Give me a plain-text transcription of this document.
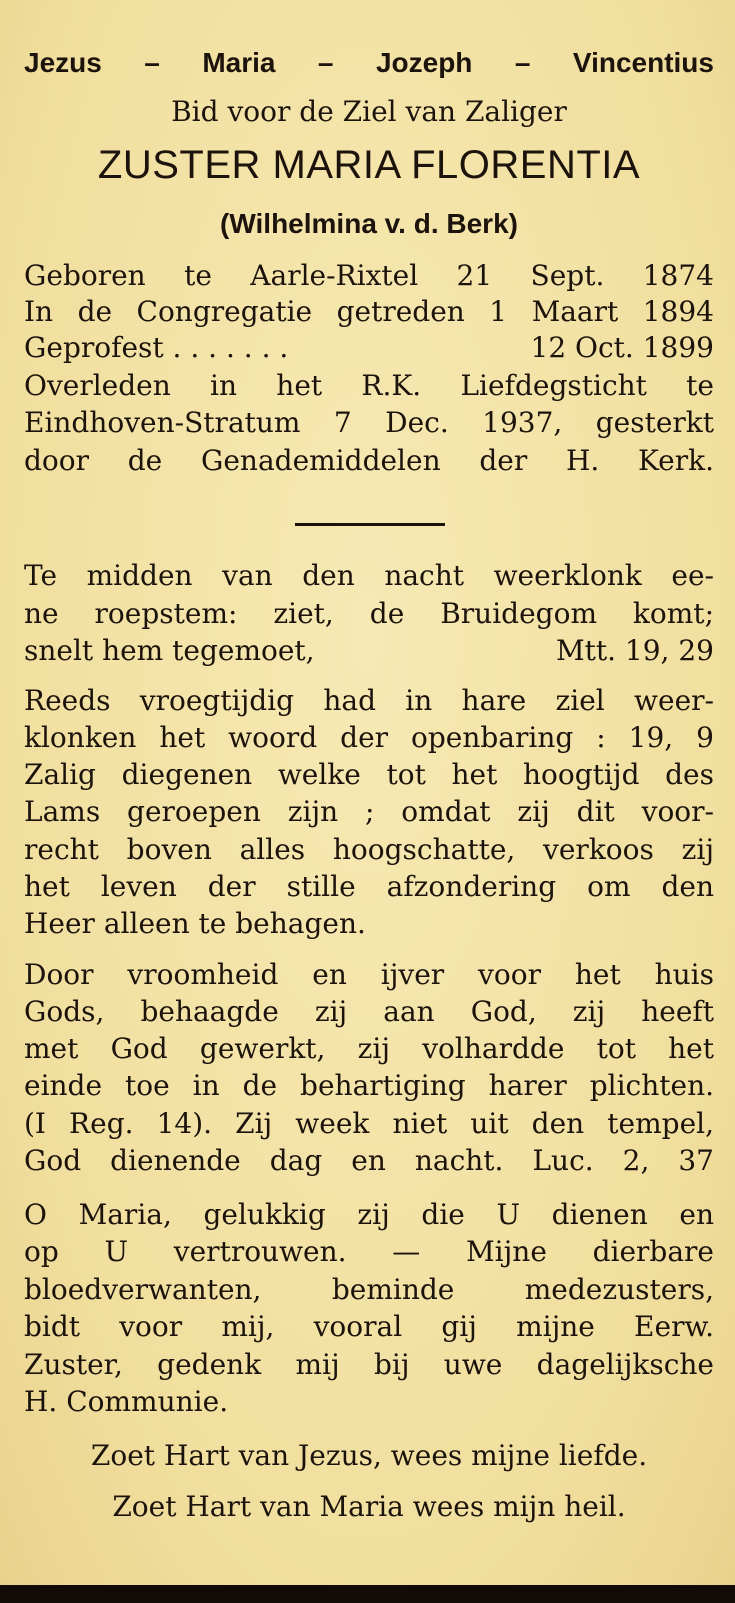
Jezus – Maria – Jozeph – Vincentius
Bid voor de Ziel van Zaliger
ZUSTER MARIA FLORENTIA
(Wilhelmina v. d. Berk)
Geboren te Aarle-Rixtel 21 Sept. 1874
In de Congregatie getreden 1 Maart 1894
Geprofest . . . . . . .	12 Oct. 1899
Overleden in het R.K. Liefdegsticht te
Eindhoven-Stratum 7 Dec. 1937, gesterkt
door de Genademiddelen der H. Kerk.
Te midden van den nacht weerklonk ee-
ne roepstem: ziet, de Bruidegom komt;
snelt hem tegemoet,	Mtt. 19, 29
Reeds vroegtijdig had in hare ziel weer-
klonken het woord der openbaring : 19, 9
Zalig diegenen welke tot het hoogtijd des
Lams geroepen zijn ; omdat zij dit voor-
recht boven alles hoogschatte, verkoos zij
het leven der stille afzondering om den
Heer alleen te behagen.
Door vroomheid en ijver voor het huis
Gods, behaagde zij aan God, zij heeft
met God gewerkt, zij volhardde tot het
einde toe in de behartiging harer plichten.
(I Reg. 14). Zij week niet uit den tempel,
God dienende dag en nacht. Luc. 2, 37
O Maria, gelukkig zij die U dienen en
op U vertrouwen. — Mijne dierbare
bloedverwanten, beminde medezusters,
bidt voor mij, vooral gij mijne Eerw.
Zuster, gedenk mij bij uwe dagelijksche
H. Communie.
Zoet Hart van Jezus, wees mijne liefde.
Zoet Hart van Maria wees mijn heil.
